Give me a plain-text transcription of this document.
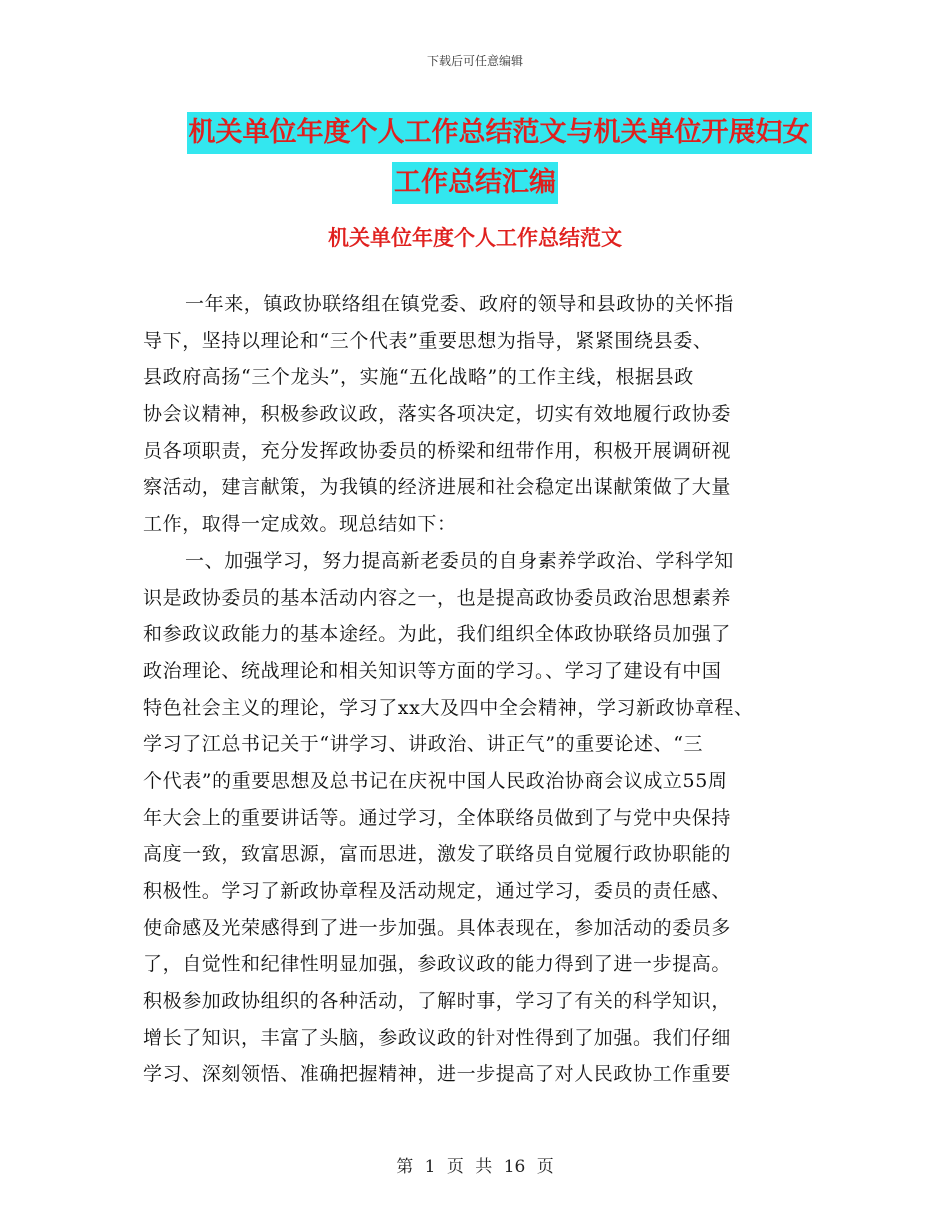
下载后可任意编辑
机关单位年度个人工作总结范文与机关单位开展妇女
工作总结汇编
机关单位年度个人工作总结范文
一年来，镇政协联络组在镇党委、政府的领导和县政协的关怀指
导下，坚持以理论和“三个代表”重要思想为指导，紧紧围绕县委、
县政府高扬“三个龙头”，实施“五化战略”的工作主线，根据县政
协会议精神，积极参政议政，落实各项决定，切实有效地履行政协委
员各项职责，充分发挥政协委员的桥梁和纽带作用，积极开展调研视
察活动，建言献策，为我镇的经济进展和社会稳定出谋献策做了大量
工作，取得一定成效。现总结如下：
一、加强学习，努力提高新老委员的自身素养学政治、学科学知
识是政协委员的基本活动内容之一，也是提高政协委员政治思想素养
和参政议政能力的基本途经。为此，我们组织全体政协联络员加强了
政治理论、统战理论和相关知识等方面的学习。、学习了建设有中国
特色社会主义的理论，学习了xx大及四中全会精神，学习新政协章程、
学习了江总书记关于“讲学习、讲政治、讲正气”的重要论述、“三
个代表”的重要思想及总书记在庆祝中国人民政治协商会议成立55周
年大会上的重要讲话等。通过学习，全体联络员做到了与党中央保持
高度一致，致富思源，富而思进，激发了联络员自觉履行政协职能的
积极性。学习了新政协章程及活动规定，通过学习，委员的责任感、
使命感及光荣感得到了进一步加强。具体表现在，参加活动的委员多
了，自觉性和纪律性明显加强，参政议政的能力得到了进一步提高。
积极参加政协组织的各种活动，了解时事，学习了有关的科学知识，
增长了知识，丰富了头脑，参政议政的针对性得到了加强。我们仔细
学习、深刻领悟、准确把握精神，进一步提高了对人民政协工作重要
第 1 页 共 16 页
